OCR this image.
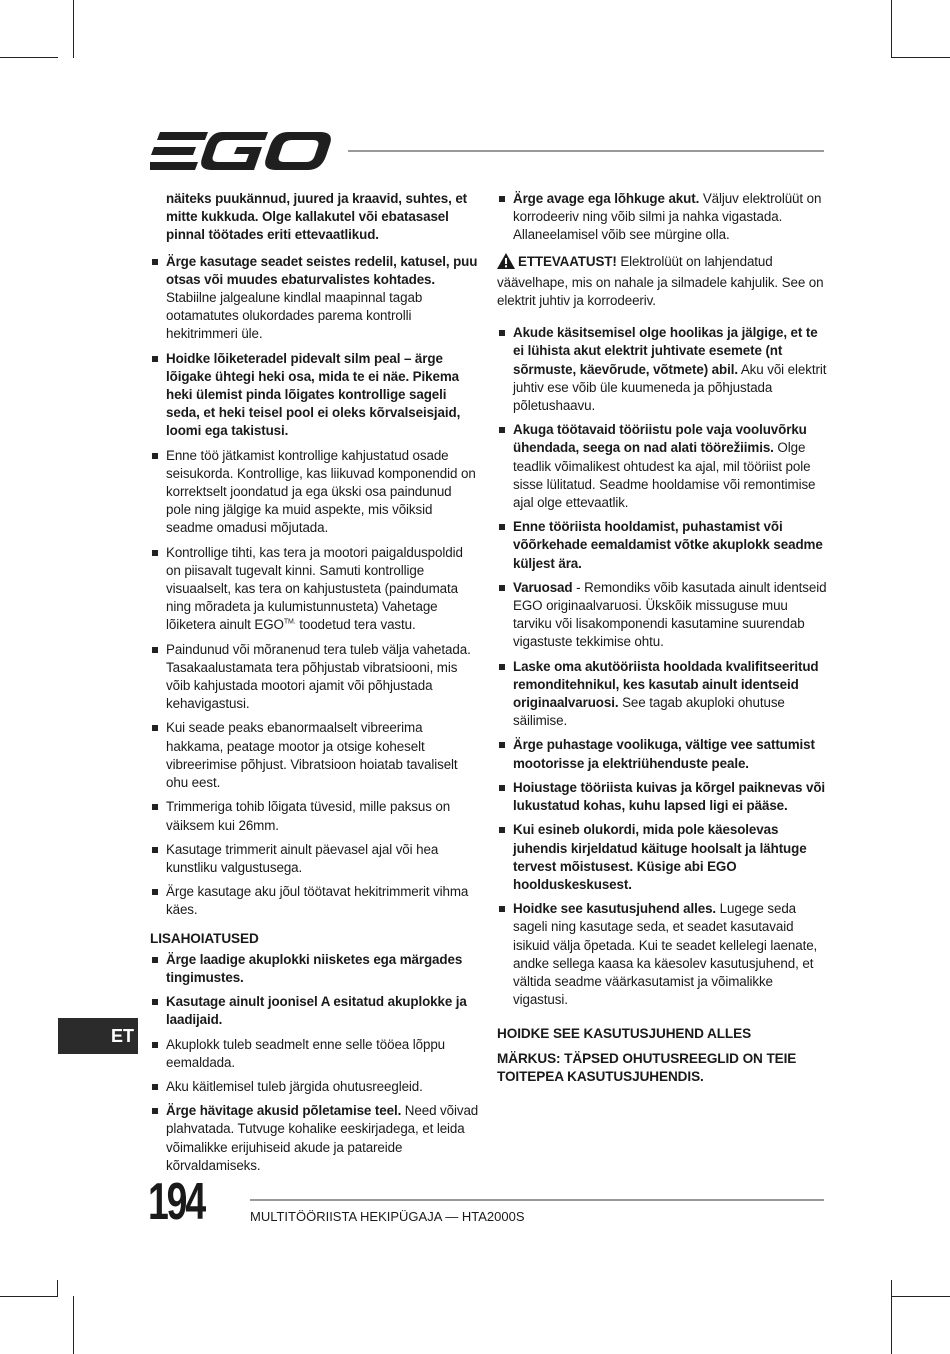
näiteks puukännud, juured ja kraavid, suhtes, et mitte kukkuda. Olge kallakutel või ebatasasel pinnal töötades eriti ettevaatlikud.
Ärge kasutage seadet seistes redelil, katusel, puu otsas või muudes ebaturvalistes kohtades. Stabiilne jalgealune kindlal maapinnal tagab ootamatutes olukordades parema kontrolli hekitrimmeri üle.
Hoidke lõiketeradel pidevalt silm peal – ärge lõigake ühtegi heki osa, mida te ei näe. Pikema heki ülemist pinda lõigates kontrollige sageli seda, et heki teisel pool ei oleks kõrvalseisjaid, loomi ega takistusi.
Enne töö jätkamist kontrollige kahjustatud osade seisukorda. Kontrollige, kas liikuvad komponendid on korrektselt joondatud ja ega ükski osa paindunud pole ning jälgige ka muid aspekte, mis võiksid seadme omadusi mõjutada.
Kontrollige tihti, kas tera ja mootori paigalduspoldid on piisavalt tugevalt kinni. Samuti kontrollige visuaalselt, kas tera on kahjustusteta (paindumata ning mõradeta ja kulumistunnusteta) Vahetage lõiketera ainult $EGO^{TM.}$ toodetud tera vastu.
Paindunud või mõranenud tera tuleb välja vahetada. Tasakaalustamata tera põhjustab vibratsiooni, mis võib kahjustada mootori ajamit või põhjustada kehavigastusi.
Kui seade peaks ebanormaalselt vibreerima hakkama, peatage mootor ja otsige koheselt vibreerimise põhjust. Vibratsioon hoiatab tavaliselt ohu eest.
Trimmeriga tohib lõigata tüvesid, mille paksus on väiksem kui 26mm.
Kasutage trimmerit ainult päevasel ajal või hea kunstliku valgustusega.
Ärge kasutage aku jõul töötavat hekitrimmerit vihma käes.
LISAHOIATUSED
Ärge laadige akuplokki niisketes ega märgades tingimustes.
Kasutage ainult joonisel A esitatud akuplokke ja laadijaid.
Akuplokk tuleb seadmelt enne selle tööea lõppu eemaldada.
Aku käitlemisel tuleb järgida ohutusreegleid.
Ärge hävitage akusid põletamise teel. Need võivad plahvatada. Tutvuge kohalike eeskirjadega, et leida võimalikke erijuhiseid akude ja patareide kõrvaldamiseks.
Ärge avage ega lõhkuge akut. Väljuv elektrolüüt on korrodeeriv ning võib silmi ja nahka vigastada. Allaneelamisel võib see mürgine olla.
ETTEVAATUST! Elektrolüüt on lahjendatud väävelhape, mis on nahale ja silmadele kahjulik. See on elektrit juhtiv ja korrodeeriv.
Akude käsitsemisel olge hoolikas ja jälgige, et te ei lühista akut elektrit juhtivate esemete (nt sõrmuste, käevõrude, võtmete) abil. Aku või elektrit juhtiv ese võib üle kuumeneda ja põhjustada põletushaavu.
Akuga töötavaid tööriistu pole vaja vooluvõrku ühendada, seega on nad alati töörežiimis. Olge teadlik võimalikest ohtudest ka ajal, mil tööriist pole sisse lülitatud. Seadme hooldamise või remontimise ajal olge ettevaatlik.
Enne tööriista hooldamist, puhastamist või võõrkehade eemaldamist võtke akuplokk seadme küljest ära.
Varuosad - Remondiks võib kasutada ainult identseid EGO originaalvaruosi. Ükskõik missuguse muu tarviku või lisakomponendi kasutamine suurendab vigastuste tekkimise ohtu.
Laske oma akutööriista hooldada kvalifitseeritud remonditehnikul, kes kasutab ainult identseid originaalvaruosi. See tagab akuploki ohutuse säilimise.
Ärge puhastage voolikuga, vältige vee sattumist mootorisse ja elektriühenduste peale.
Hoiustage tööriista kuivas ja kõrgel paiknevas või lukustatud kohas, kuhu lapsed ligi ei pääse.
Kui esineb olukordi, mida pole käesolevas juhendis kirjeldatud käituge hoolsalt ja lähtuge tervest mõistusest. Küsige abi EGO hoolduskeskusest.
Hoidke see kasutusjuhend alles. Lugege seda sageli ning kasutage seda, et seadet kasutavaid isikuid välja õpetada. Kui te seadet kellelegi laenate, andke sellega kaasa ka käesolev kasutusjuhend, et vältida seadme väärkasutamist ja võimalikke vigastusi.
HOIDKE SEE KASUTUSJUHEND ALLES
MÄRKUS: TÄPSED OHUTUSREEGLID ON TEIE TOITEPEA KASUTUSJUHENDIS.
ET
194	MULTITÖÖRIISTA HEKIPÜGAJA — HTA2000S
